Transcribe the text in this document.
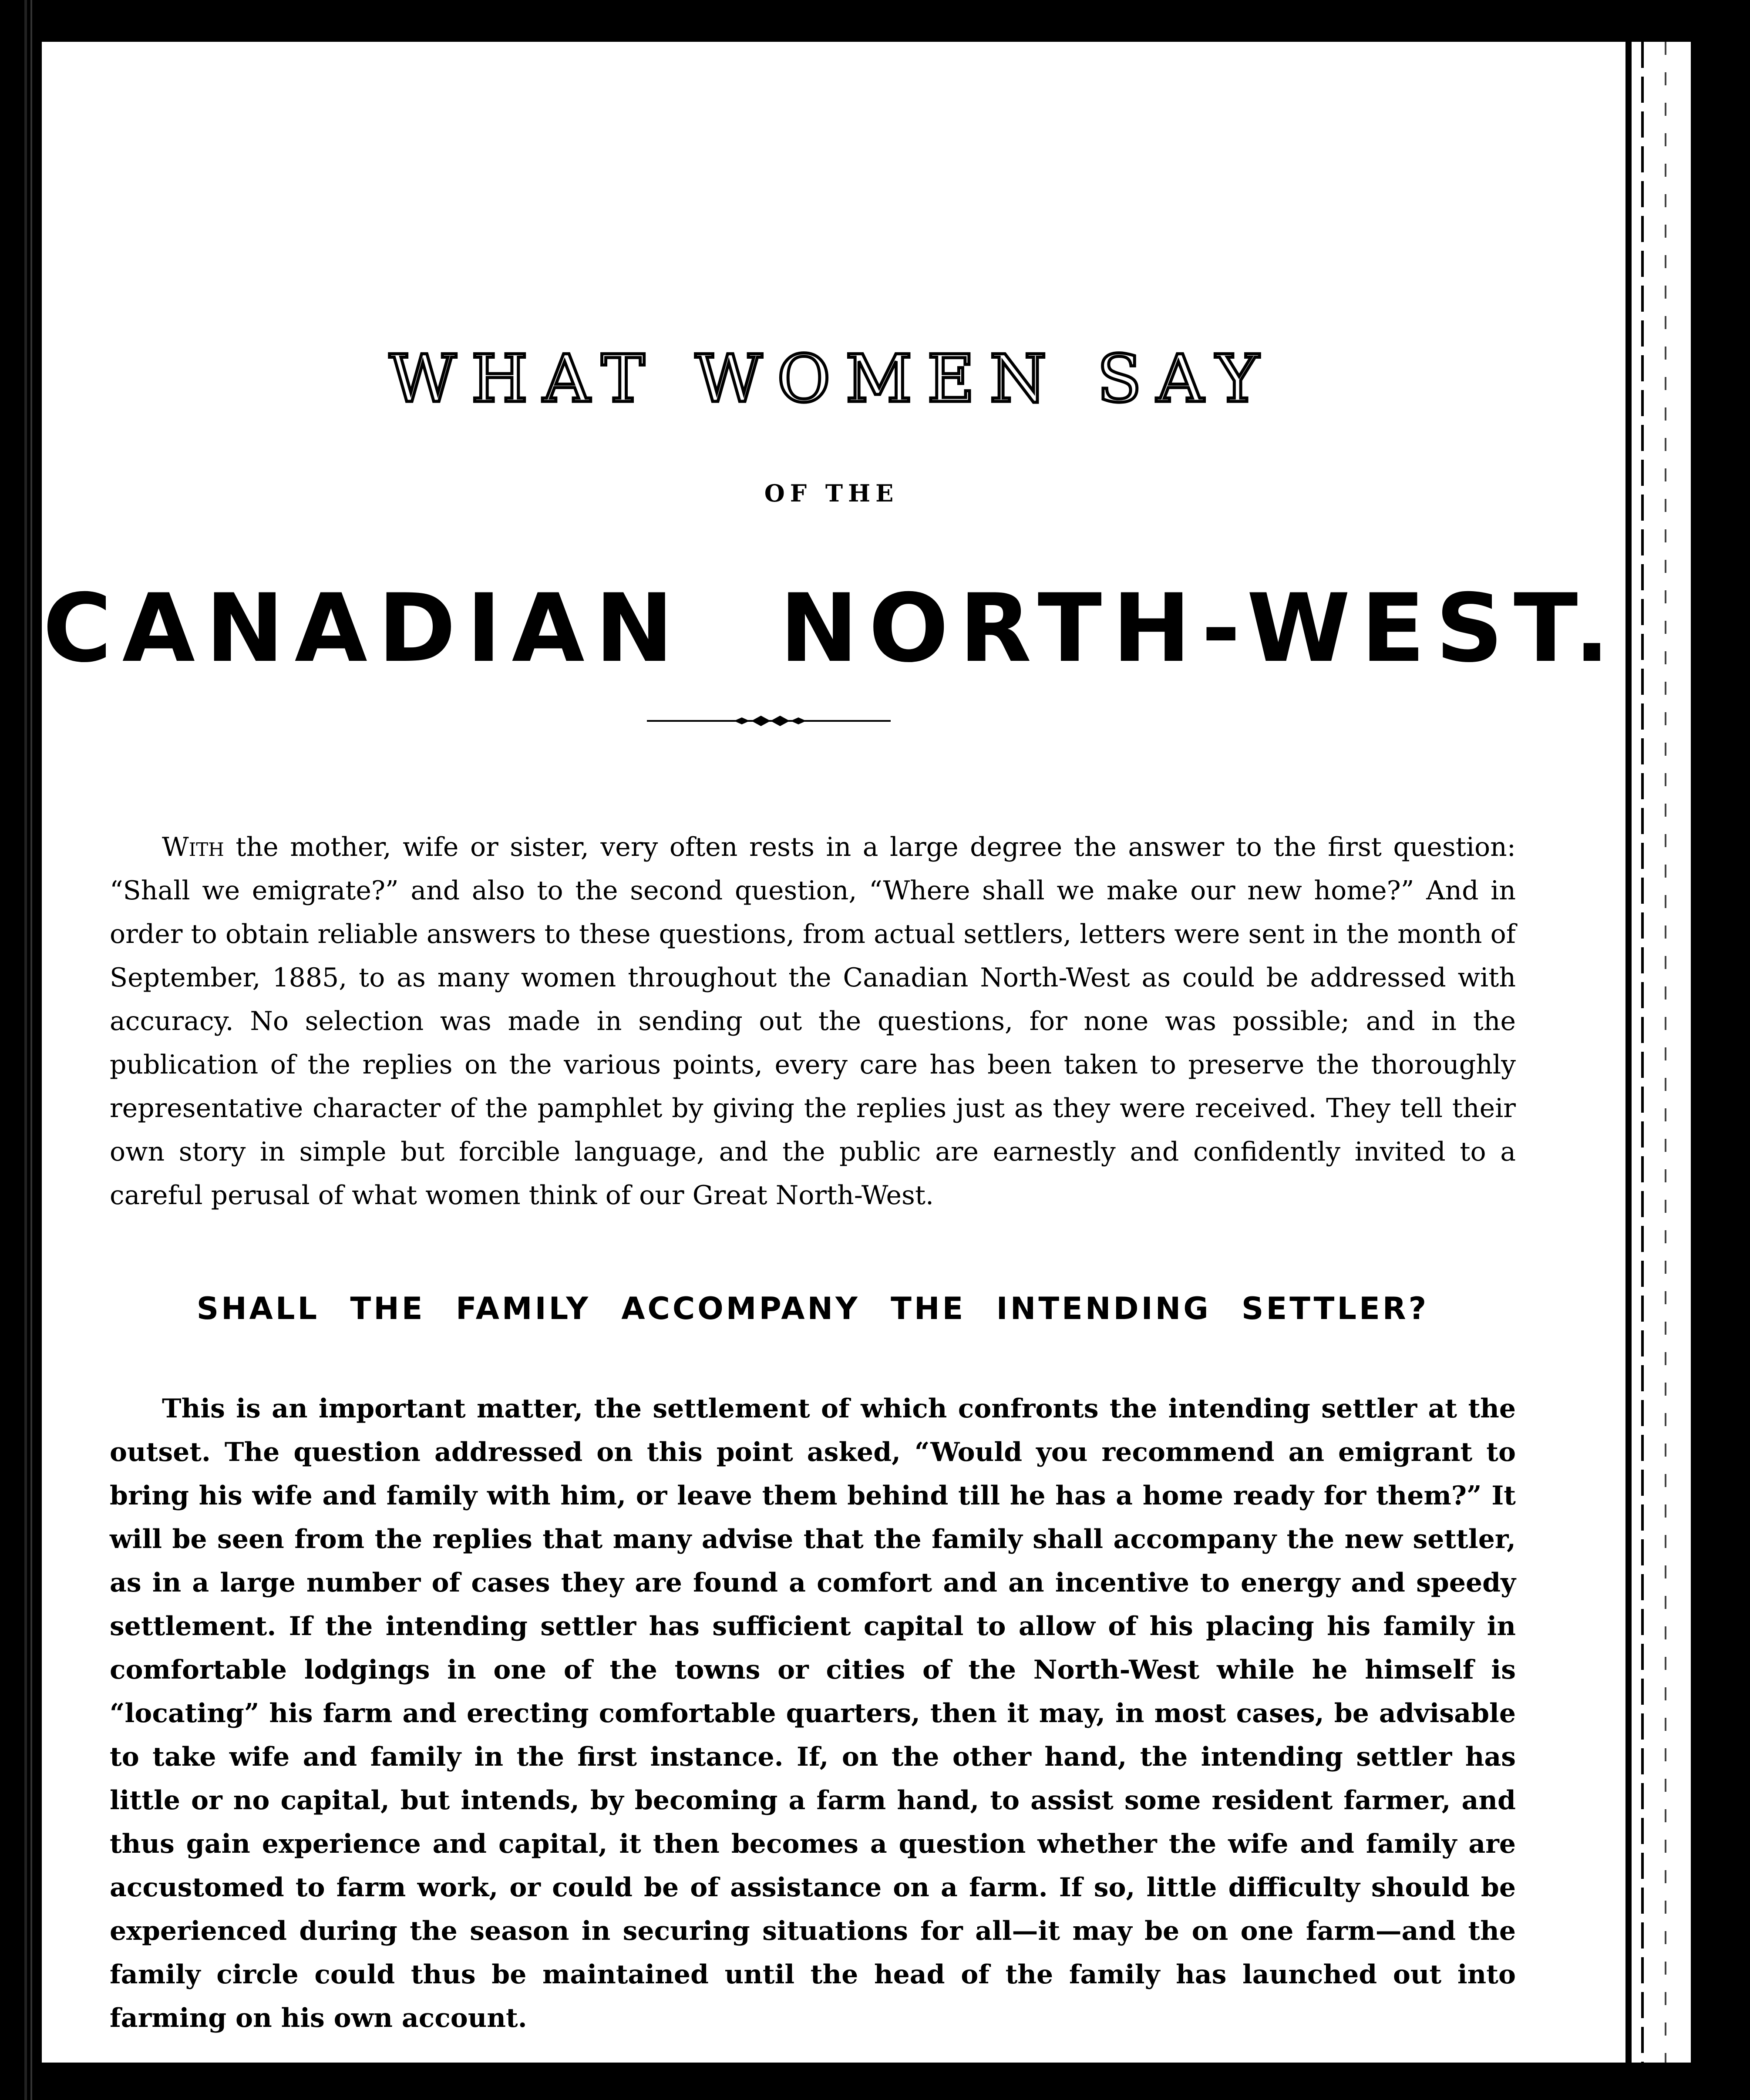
WHAT WOMEN SAY
OF THE
CANADIAN NORTH-WEST.

With the mother, wife or sister, very often rests in a large degree the answer to the first question: “Shall we emigrate?” and also to the second question, “Where shall we make our new home?” And in order to obtain reliable answers to these questions, from actual settlers, letters were sent in the month of September, 1885, to as many women throughout the Canadian North-West as could be addressed with accuracy. No selection was made in sending out the questions, for none was possible; and in the publication of the replies on the various points, every care has been taken to preserve the thoroughly representative character of the pamphlet by giving the replies just as they were received. They tell their own story in simple but forcible language, and the public are earnestly and confidently invited to a careful perusal of what women think of our Great North-West.

SHALL THE FAMILY ACCOMPANY THE INTENDING SETTLER?

This is an important matter, the settlement of which confronts the intending settler at the outset. The question addressed on this point asked, “Would you recommend an emigrant to bring his wife and family with him, or leave them behind till he has a home ready for them?” It will be seen from the replies that many advise that the family shall accompany the new settler, as in a large number of cases they are found a comfort and an incentive to energy and speedy settlement. If the intending settler has sufficient capital to allow of his placing his family in comfortable lodgings in one of the towns or cities of the North-West while he himself is “locating” his farm and erecting comfortable quarters, then it may, in most cases, be advisable to take wife and family in the first instance. If, on the other hand, the intending settler has little or no capital, but intends, by becoming a farm hand, to assist some resident farmer, and thus gain experience and capital, it then becomes a question whether the wife and family are accustomed to farm work, or could be of assistance on a farm. If so, little difficulty should be experienced during the season in securing situations for all—it may be on one farm—and the family circle could thus be maintained until the head of the family has launched out into farming on his own account.
